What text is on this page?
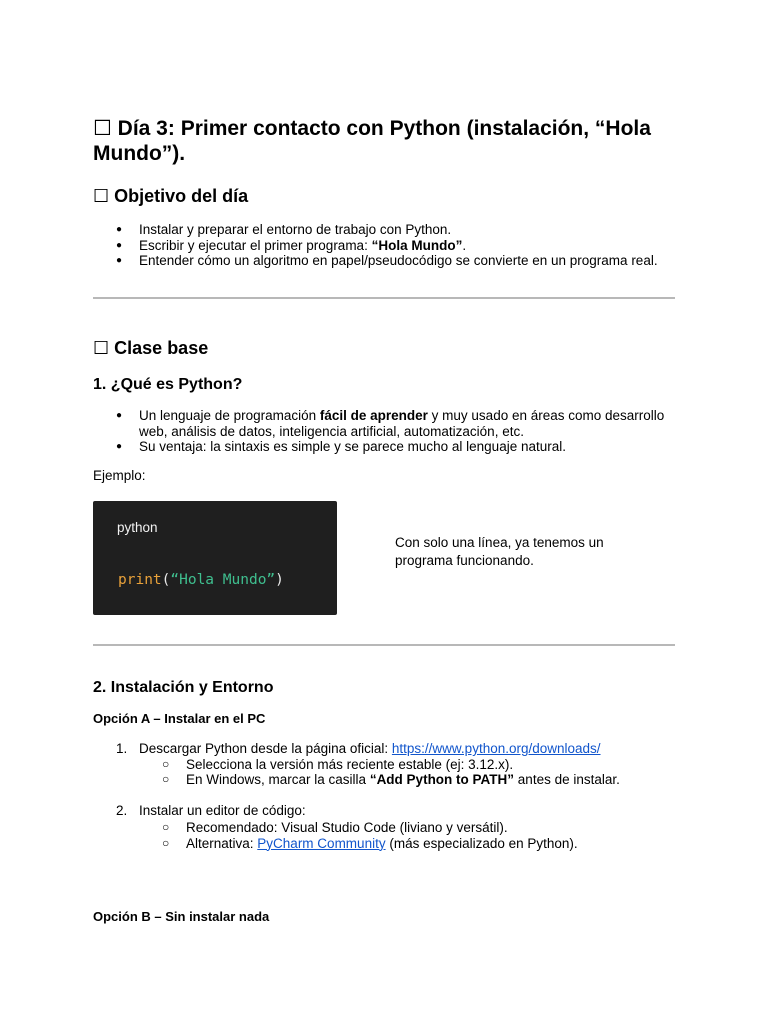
☐ Día 3: Primer contacto con Python (instalación, “Hola Mundo”).
☐ Objetivo del día
● Instalar y preparar el entorno de trabajo con Python.
● Escribir y ejecutar el primer programa: “Hola Mundo”.
● Entender cómo un algoritmo en papel/pseudocódigo se convierte en un programa real.
☐ Clase base
1. ¿Qué es Python?
● Un lenguaje de programación fácil de aprender y muy usado en áreas como desarrollo web, análisis de datos, inteligencia artificial, automatización, etc.
● Su ventaja: la sintaxis es simple y se parece mucho al lenguaje natural.
Ejemplo:
python
print(“Hola Mundo”)
Con solo una línea, ya tenemos un programa funcionando.
2. Instalación y Entorno
Opción A – Instalar en el PC
1. Descargar Python desde la página oficial: https://www.python.org/downloads/
○ Selecciona la versión más reciente estable (ej: 3.12.x).
○ En Windows, marcar la casilla “Add Python to PATH” antes de instalar.
2. Instalar un editor de código:
○ Recomendado: Visual Studio Code (liviano y versátil).
○ Alternativa: PyCharm Community (más especializado en Python).
Opción B – Sin instalar nada
